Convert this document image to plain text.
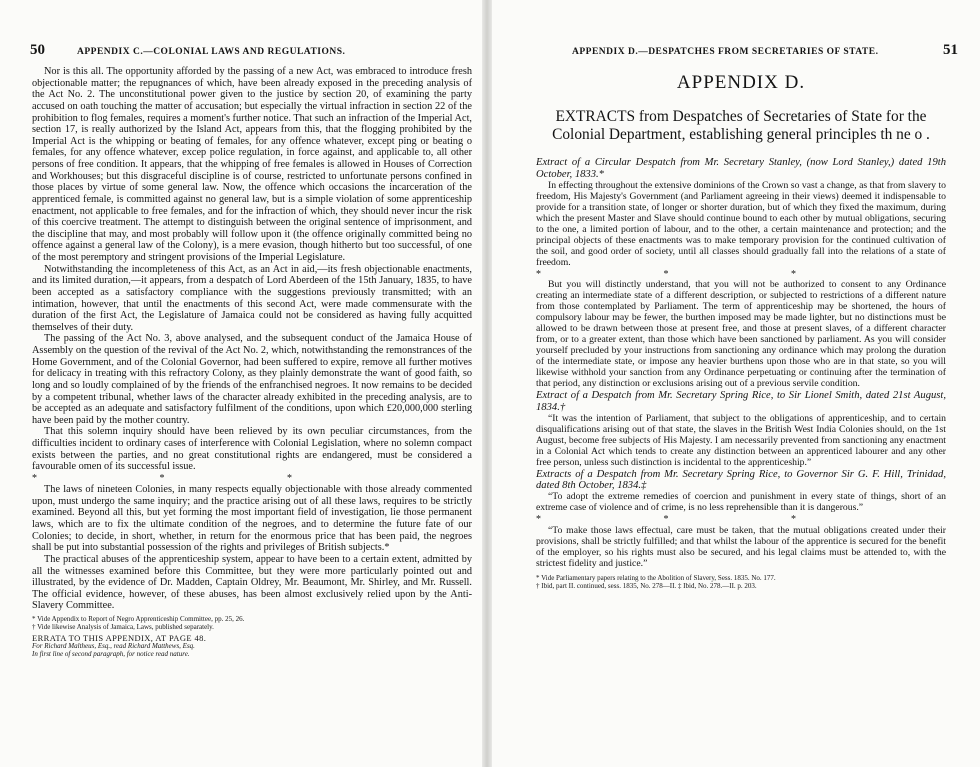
50	APPENDIX C.—COLONIAL LAWS AND REGULATIONS.

Nor is this all. The opportunity afforded by the passing of a new Act, was embraced to introduce fresh objectionable matter; the repugnances of which, have been already exposed in the preceding analysis of the Act No. 2. The unconstitutional power given to the justice by section 20, of examining the party accused on oath touching the matter of accusation; but especially the virtual infraction in section 22 of the prohibition to flog females, requires a moment's further notice. That such an infraction of the Imperial Act, section 17, is really authorized by the Island Act, appears from this, that the flogging prohibited by the Imperial Act is the whipping or beating of females, for any offence whatever, except ping or beating o females, for any offence whatever, excep police regulation, in force against, and applicable to, all other persons of free condition. It appears, that the whipping of free females is allowed in Houses of Correction and Workhouses; but this disgraceful discipline is of course, restricted to unfortunate persons confined in those places by virtue of some general law. Now, the offence which occasions the incarceration of the apprenticed female, is committed against no general law, but is a simple violation of some apprenticeship enactment, not applicable to free females, and for the infraction of which, they should never incur the risk of this coercive treatment. The attempt to distinguish between the original sentence of imprisonment, and the discipline that may, and most probably will follow upon it (the offence originally committed being no offence against a general law of the Colony), is a mere evasion, though hitherto but too successful, of one of the most peremptory and stringent provisions of the Imperial Legislature.

Notwithstanding the incompleteness of this Act, as an Act in aid,—its fresh objectionable enactments, and its limited duration,—it appears, from a despatch of Lord Aberdeen of the 15th January, 1835, to have been accepted as a satisfactory compliance with the suggestions previously transmitted; with an intimation, however, that until the enactments of this second Act, were made commensurate with the duration of the first Act, the Legislature of Jamaica could not be considered as having fully acquitted themselves of their duty.

The passing of the Act No. 3, above analysed, and the subsequent conduct of the Jamaica House of Assembly on the question of the revival of the Act No. 2, which, notwithstanding the remonstrances of the Home Government, and of the Colonial Governor, had been suffered to expire, remove all further motives for delicacy in treating with this refractory Colony, as they plainly demonstrate the want of good faith, so long and so loudly complained of by the friends of the enfranchised negroes. It now remains to be decided by a competent tribunal, whether laws of the character already exhibited in the preceding analysis, are to be accepted as an adequate and satisfactory fulfilment of the conditions, upon which £20,000,000 sterling have been paid by the mother country.

That this solemn inquiry should have been relieved by its own peculiar circumstances, from the difficulties incident to ordinary cases of interference with Colonial Legislation, where no solemn compact exists between the parties, and no great constitutional rights are endangered, must be considered a favourable omen of its successful issue.

* * *

The laws of nineteen Colonies, in many respects equally objectionable with those already commented upon, must undergo the same inquiry; and the practice arising out of all these laws, requires to be strictly examined. Beyond all this, but yet forming the most important field of investigation, lie those permanent laws, which are to fix the ultimate condition of the negroes, and to determine the future fate of our Colonies; to decide, in short, whether, in return for the enormous price that has been paid, the negroes shall be put into substantial possession of the rights and privileges of British subjects.*

The practical abuses of the apprenticeship system, appear to have been to a certain extent, admitted by all the witnesses examined before this Committee, but they were more particularly pointed out and illustrated, by the evidence of Dr. Madden, Captain Oldrey, Mr. Beaumont, Mr. Shirley, and Mr. Russell. The official evidence, however, of these abuses, has been almost exclusively relied upon by the Anti-Slavery Committee.

* Vide Appendix to Report of Negro Apprenticeship Committee, pp. 25, 26.

† Vide likewise Analysis of Jamaica, Laws, published separately.

ERRATA TO THIS APPENDIX, AT PAGE 48.

For Richard Maltheus, Esq., read Richard Matthews, Esq.

In first line of second paragraph, for notice read nature.

APPENDIX D.—DESPATCHES FROM SECRETARIES OF STATE.	51
APPENDIX D.
EXTRACTS from Despatches of Secretaries of State for the Colonial Department, establishing general principles th ne o .

Extract of a Circular Despatch from Mr. Secretary Stanley, (now Lord Stanley,) dated 19th October, 1833.*

In effecting throughout the extensive dominions of the Crown so vast a change, as that from slavery to freedom, His Majesty's Government (and Parliament agreeing in their views) deemed it indispensable to provide for a transition state, of longer or shorter duration, but of which they fixed the maximum, during which the present Master and Slave should continue bound to each other by mutual obligations, securing to the one, a limited portion of labour, and to the other, a certain maintenance and protection; and the principal objects of these enactments was to make temporary provision for the continued cultivation of the soil, and good order of society, until all classes should gradually fall into the relations of a state of freedom.

* * *

But you will distinctly understand, that you will not be authorized to consent to any Ordinance creating an intermediate state of a different description, or subjected to restrictions of a different nature from those contemplated by Parliament. The term of apprenticeship may be shortened, the hours of compulsory labour may be fewer, the burthen imposed may be made lighter, but no distinctions must be allowed to be drawn between those at present free, and those at present slaves, of a different character from, or to a greater extent, than those which have been sanctioned by parliament. As you will consider yourself precluded by your instructions from sanctioning any ordinance which may prolong the duration of the intermediate state, or impose any heavier burthens upon those who are in that state, so you will likewise withhold your sanction from any Ordinance perpetuating or continuing after the termination of that period, any distinction or exclusions arising out of a previous servile condition.

Extract of a Despatch from Mr. Secretary Spring Rice, to Sir Lionel Smith, dated 21st August, 1834.†

“It was the intention of Parliament, that subject to the obligations of apprenticeship, and to certain disqualifications arising out of that state, the slaves in the British West India Colonies should, on the 1st August, become free subjects of His Majesty. I am necessarily prevented from sanctioning any enactment in a Colonial Act which tends to create any distinction between an apprenticed labourer and any other free person, unless such distinction is incidental to the apprenticeship.”

Extracts of a Despatch from Mr. Secretary Spring Rice, to Governor Sir G. F. Hill, Trinidad, dated 8th October, 1834.‡

“To adopt the extreme remedies of coercion and punishment in every state of things, short of an extreme case of violence and of crime, is no less reprehensible than it is dangerous.”

* * *

“To make those laws effectual, care must be taken, that the mutual obligations created under their provisions, shall be strictly fulfilled; and that whilst the labour of the apprentice is secured for the benefit of the employer, so his rights must also be secured, and his legal claims must be attended to, with the strictest fidelity and justice.”

* Vide Parliamentary papers relating to the Abolition of Slavery, Sess. 1835. No. 177.

† Ibid, part II. continued, sess. 1835, No. 278—II. ‡ Ibid, No. 278.—II. p. 203.
